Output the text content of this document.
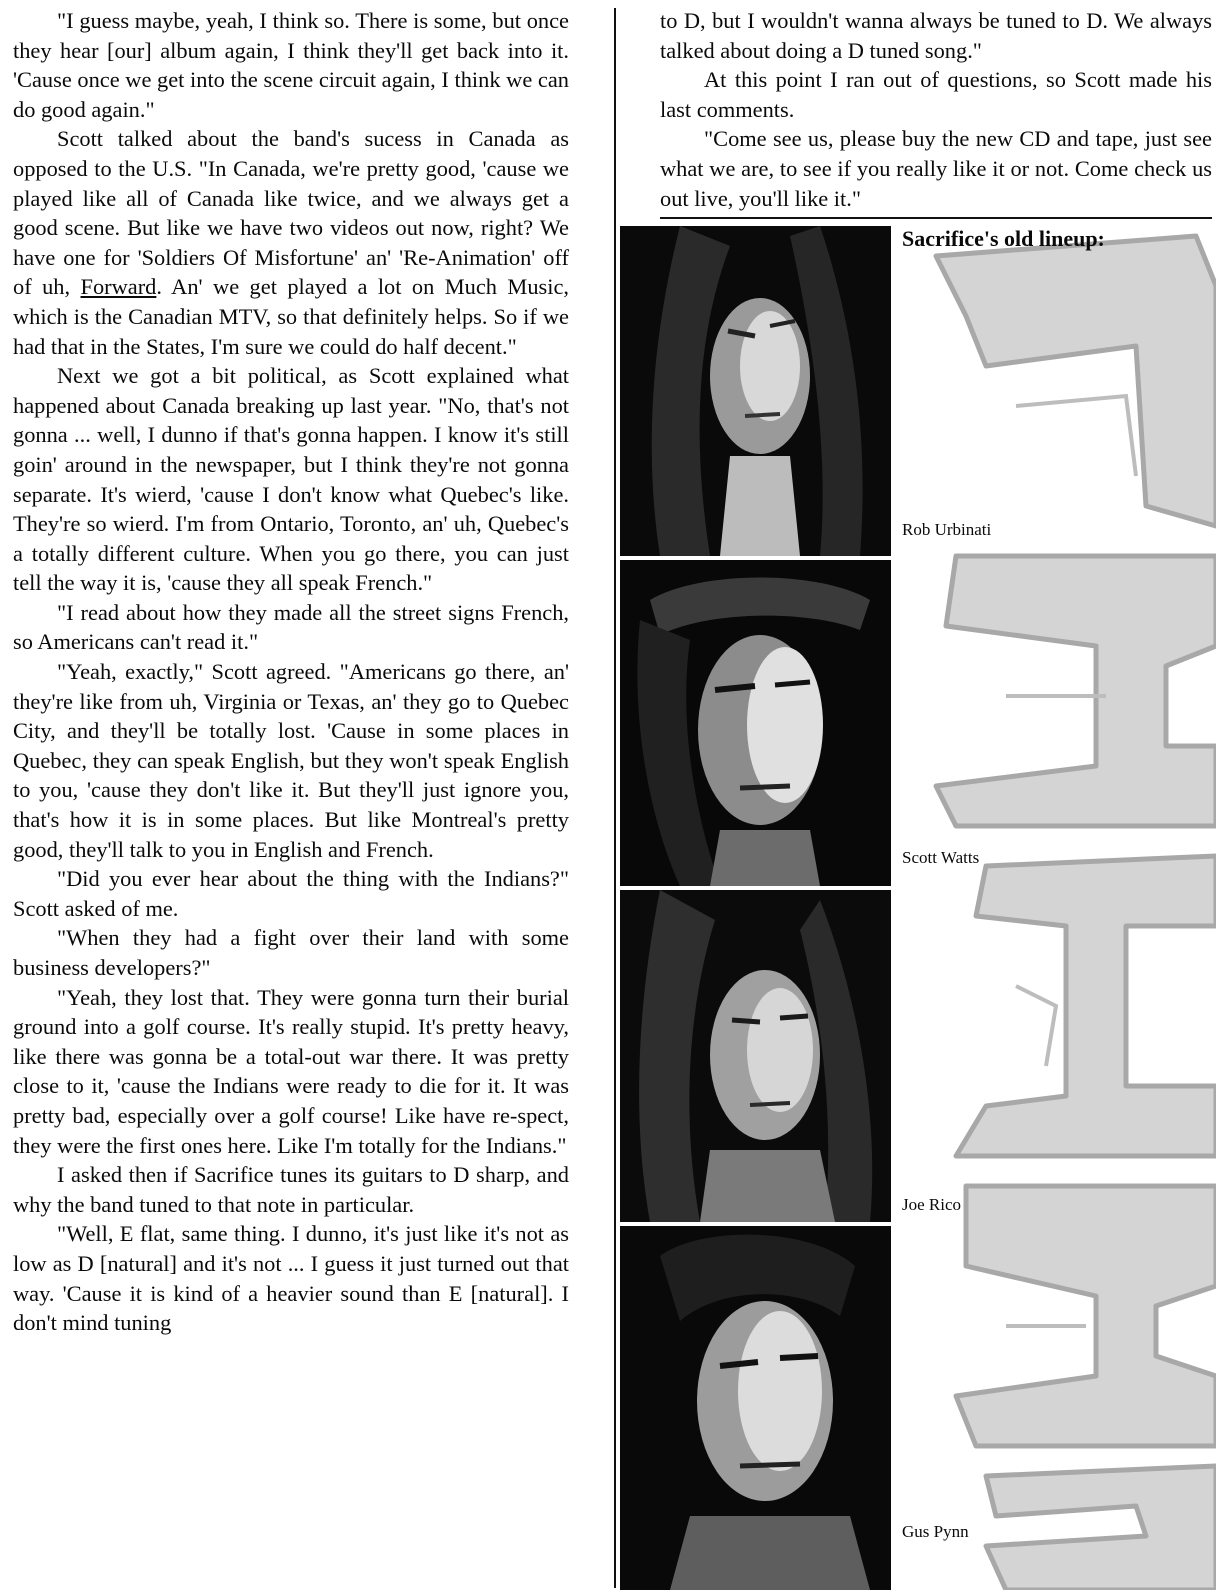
"I guess maybe, yeah, I think so. There is some, but once they hear [our] album again, I think they'll get back into it. 'Cause once we get into the scene circuit again, I think we can do good again."

Scott talked about the band's sucess in Canada as opposed to the U.S. "In Canada, we're pretty good, 'cause we played like all of Canada like twice, and we always get a good scene. But like we have two videos out now, right? We have one for 'Soldiers Of Misfortune' an' 'Re-Animation' off of uh, Forward. An' we get played a lot on Much Music, which is the Canadian MTV, so that definitely helps. So if we had that in the States, I'm sure we could do half decent."

Next we got a bit political, as Scott explained what happened about Canada breaking up last year. "No, that's not gonna ... well, I dunno if that's gonna happen. I know it's still goin' around in the newspaper, but I think they're not gonna separate. It's wierd, 'cause I don't know what Quebec's like. They're so wierd. I'm from Ontario, Toronto, an' uh, Quebec's a totally different culture. When you go there, you can just tell the way it is, 'cause they all speak French."

"I read about how they made all the street signs French, so Americans can't read it."

"Yeah, exactly," Scott agreed. "Americans go there, an' they're like from uh, Virginia or Texas, an' they go to Quebec City, and they'll be totally lost. 'Cause in some places in Quebec, they can speak English, but they won't speak English to you, 'cause they don't like it. But they'll just ignore you, that's how it is in some places. But like Montreal's pretty good, they'll talk to you in English and French.

"Did you ever hear about the thing with the Indians?" Scott asked of me.

"When they had a fight over their land with some business developers?"

"Yeah, they lost that. They were gonna turn their burial ground into a golf course. It's really stupid. It's pretty heavy, like there was gonna be a total-out war there. It was pretty close to it, 'cause the Indians were ready to die for it. It was pretty bad, especially over a golf course! Like have re-spect, they were the first ones here. Like I'm totally for the Indians."

I asked then if Sacrifice tunes its guitars to D sharp, and why the band tuned to that note in particular.

"Well, E flat, same thing. I dunno, it's just like it's not as low as D [natural] and it's not ... I guess it just turned out that way. 'Cause it is kind of a heavier sound than E [natural]. I don't mind tuning

to D, but I wouldn't wanna always be tuned to D. We always talked about doing a D tuned song."

At this point I ran out of questions, so Scott made his last comments.

"Come see us, please buy the new CD and tape, just see what we are, to see if you really like it or not. Come check us out live, you'll like it."

Sacrifice's old lineup:
Rob Urbinati
Scott Watts
Joe Rico
Gus Pynn
